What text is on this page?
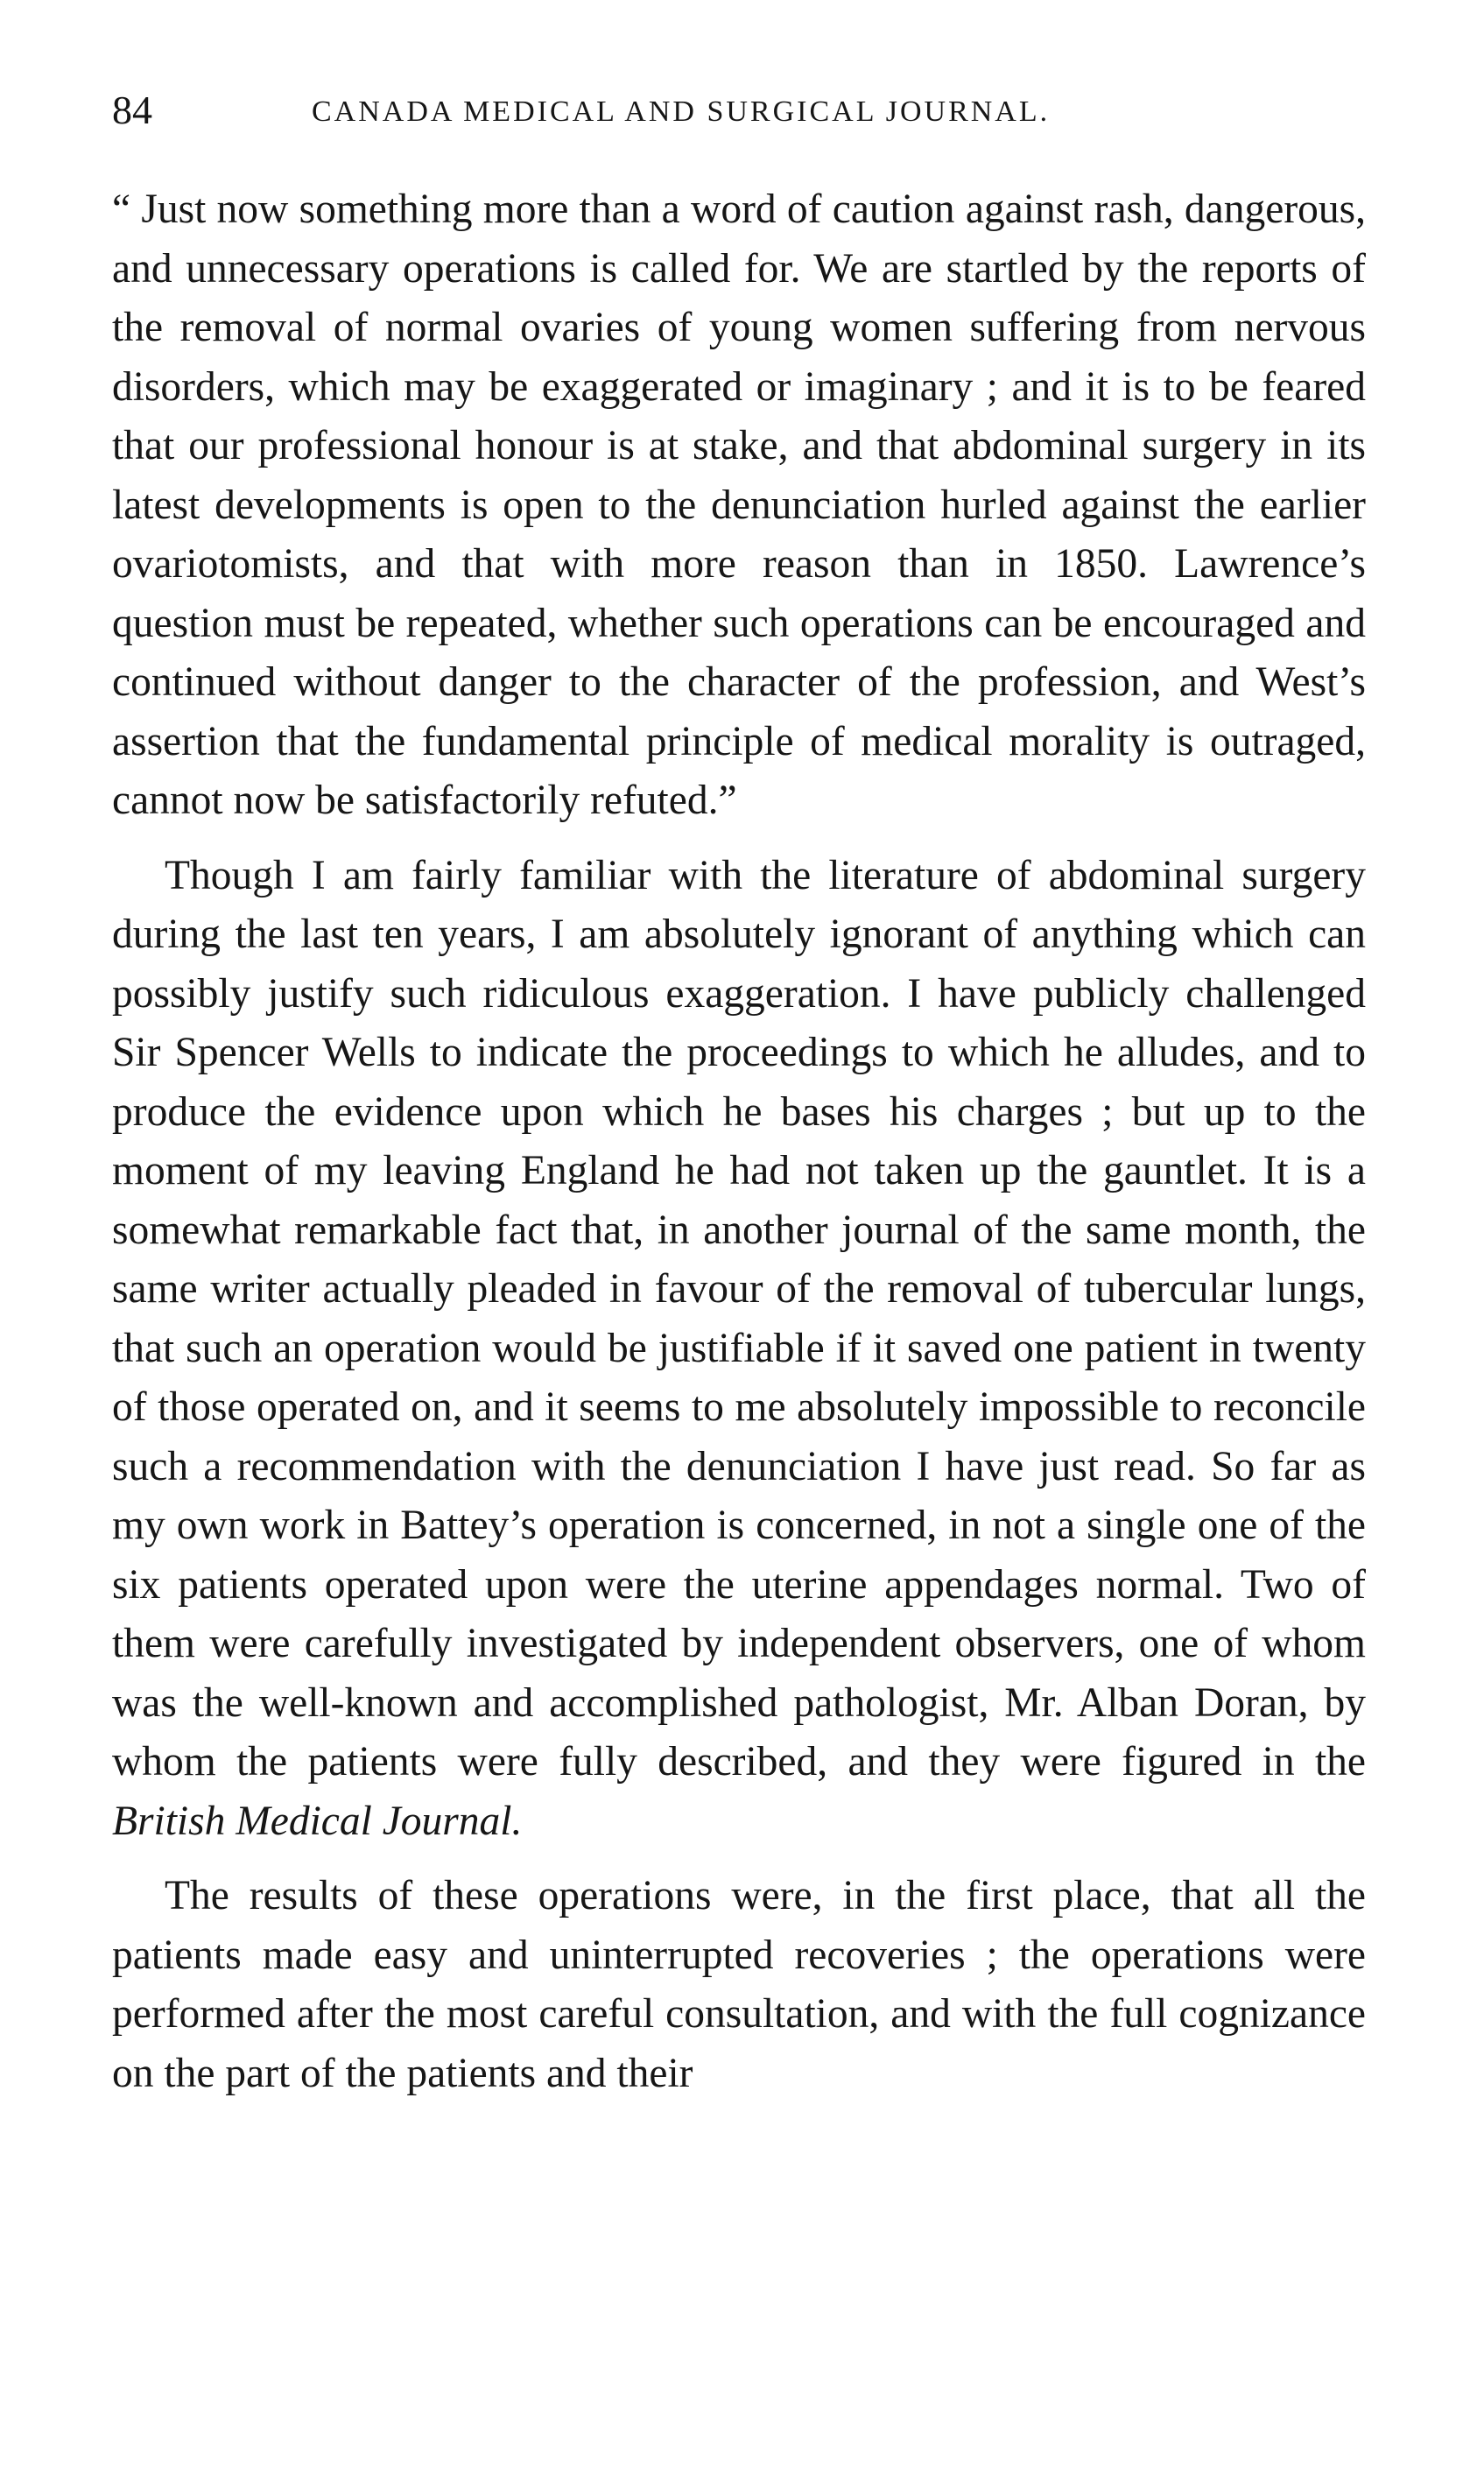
84	CANADA MEDICAL AND SURGICAL JOURNAL.

“ Just now something more than a word of caution against rash, dangerous, and unnecessary operations is called for. We are startled by the reports of the removal of normal ovaries of young women suffering from nervous disorders, which may be exaggerated or imaginary ; and it is to be feared that our professional honour is at stake, and that abdominal surgery in its latest developments is open to the denunciation hurled against the earlier ovariotomists, and that with more reason than in 1850. Lawrence’s question must be repeated, whether such operations can be encouraged and continued without danger to the character of the profession, and West’s assertion that the fundamental principle of medical morality is outraged, cannot now be satisfactorily refuted.”

Though I am fairly familiar with the literature of abdominal surgery during the last ten years, I am absolutely ignorant of anything which can possibly justify such ridiculous exaggeration. I have publicly challenged Sir Spencer Wells to indicate the proceedings to which he alludes, and to produce the evidence upon which he bases his charges ; but up to the moment of my leaving England he had not taken up the gauntlet. It is a somewhat remarkable fact that, in another journal of the same month, the same writer actually pleaded in favour of the removal of tubercular lungs, that such an operation would be justifiable if it saved one patient in twenty of those operated on, and it seems to me absolutely impossible to reconcile such a recommendation with the denunciation I have just read. So far as my own work in Battey’s operation is concerned, in not a single one of the six patients operated upon were the uterine appendages normal. Two of them were carefully investigated by independent observers, one of whom was the well-known and accomplished pathologist, Mr. Alban Doran, by whom the patients were fully described, and they were figured in the British Medical Journal.

The results of these operations were, in the first place, that all the patients made easy and uninterrupted recoveries ; the operations were performed after the most careful consultation, and with the full cognizance on the part of the patients and their
